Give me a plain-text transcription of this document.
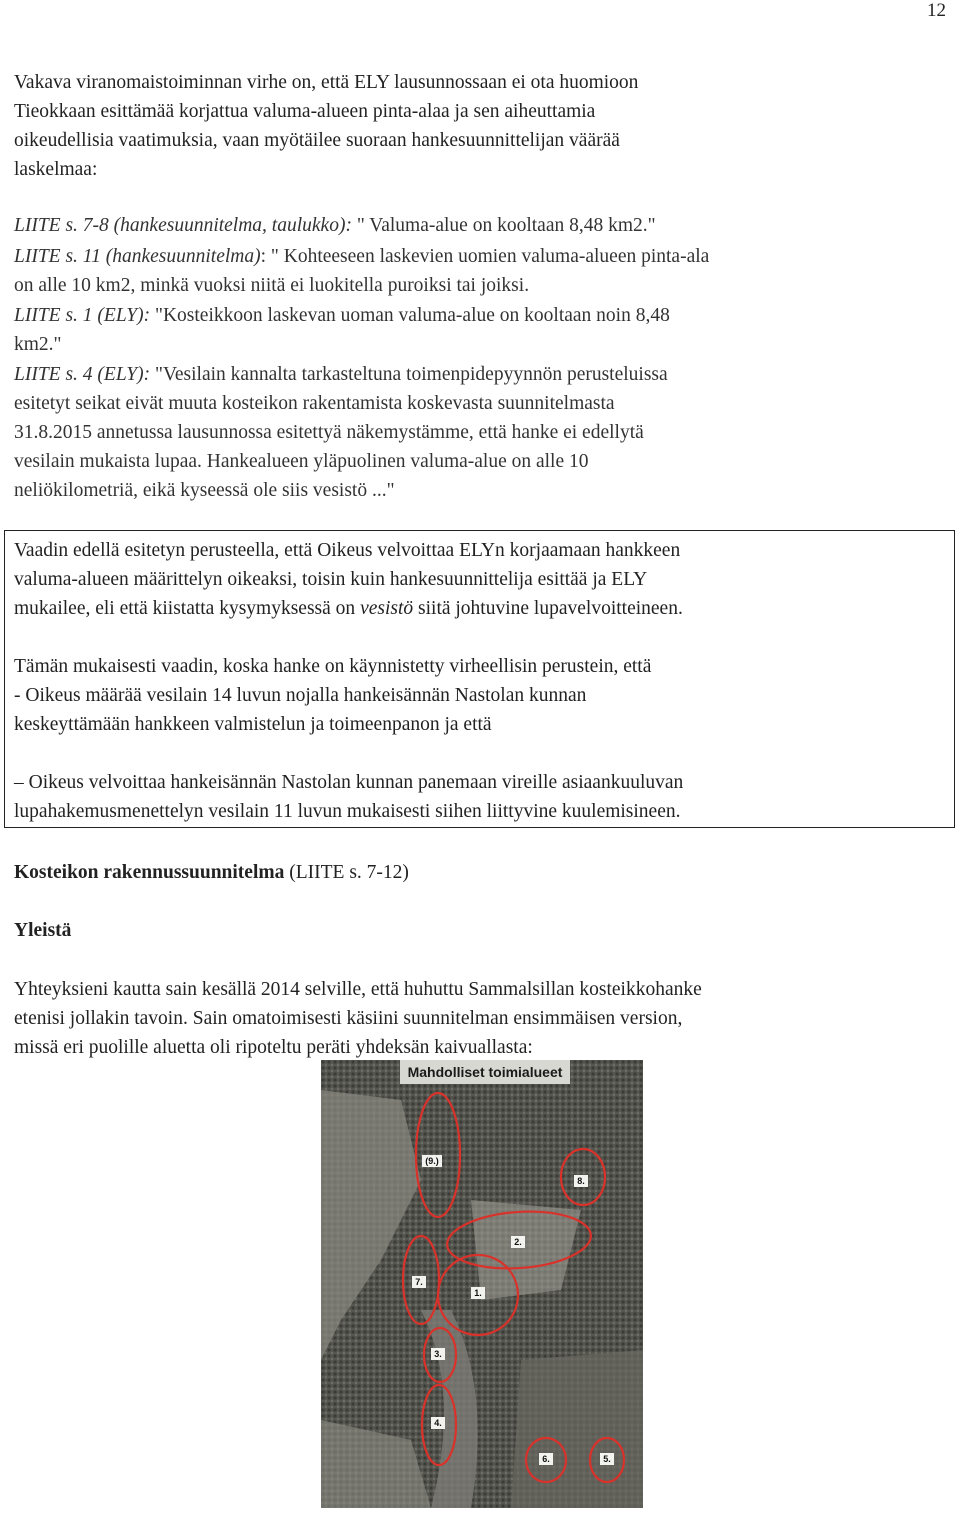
12

Vakava viranomaistoiminnan virhe on, että ELY lausunnossaan ei ota huomioon

Tieokkaan esittämää korjattua valuma-alueen pinta-alaa ja sen aiheuttamia

oikeudellisia vaatimuksia, vaan myötäilee suoraan hankesuunnittelijan väärää

laskelmaa:

LIITE s. 7-8 (hankesuunnitelma, taulukko): " Valuma-alue on kooltaan 8,48 km2."

LIITE s. 11 (hankesuunnitelma): " Kohteeseen laskevien uomien valuma-alueen pinta-ala

on alle 10 km2, minkä vuoksi niitä ei luokitella puroiksi tai joiksi.

LIITE s. 1 (ELY): "Kosteikkoon laskevan uoman valuma-alue on kooltaan noin 8,48

km2."

LIITE s. 4 (ELY): "Vesilain kannalta tarkasteltuna toimenpidepyynnön perusteluissa

esitetyt seikat eivät muuta kosteikon rakentamista koskevasta suunnitelmasta

31.8.2015 annetussa lausunnossa esitettyä näkemystämme, että hanke ei edellytä

vesilain mukaista lupaa. Hankealueen yläpuolinen valuma-alue on alle 10

neliökilometriä, eikä kyseessä ole siis vesistö ..."

Vaadin edellä esitetyn perusteella, että Oikeus velvoittaa ELYn korjaamaan hankkeen

valuma-alueen määrittelyn oikeaksi, toisin kuin hankesuunnittelija esittää ja ELY

mukailee, eli että kiistatta kysymyksessä on vesistö siitä johtuvine lupavelvoitteineen.

Tämän mukaisesti vaadin, koska hanke on käynnistetty virheellisin perustein, että

- Oikeus määrää vesilain 14 luvun nojalla hankeisännän Nastolan kunnan

keskeyttämään hankkeen valmistelun ja toimeenpanon ja että

– Oikeus velvoittaa hankeisännän Nastolan kunnan panemaan vireille asiaankuuluvan

lupahakemusmenettelyn vesilain 11 luvun mukaisesti siihen liittyvine kuulemisineen.

Kosteikon rakennussuunnitelma (LIITE s. 7-12)

Yleistä

Yhteyksieni kautta sain kesällä 2014 selville, että huhuttu Sammalsillan kosteikkohanke

etenisi jollakin tavoin. Sain omatoimisesti käsiini suunnitelman ensimmäisen version,

missä eri puolille aluetta oli ripoteltu peräti yhdeksän kaivuallasta:

Mahdolliset toimialueet
(9.)
8.
2.
7.
1.
3.
4.
6.	5.
